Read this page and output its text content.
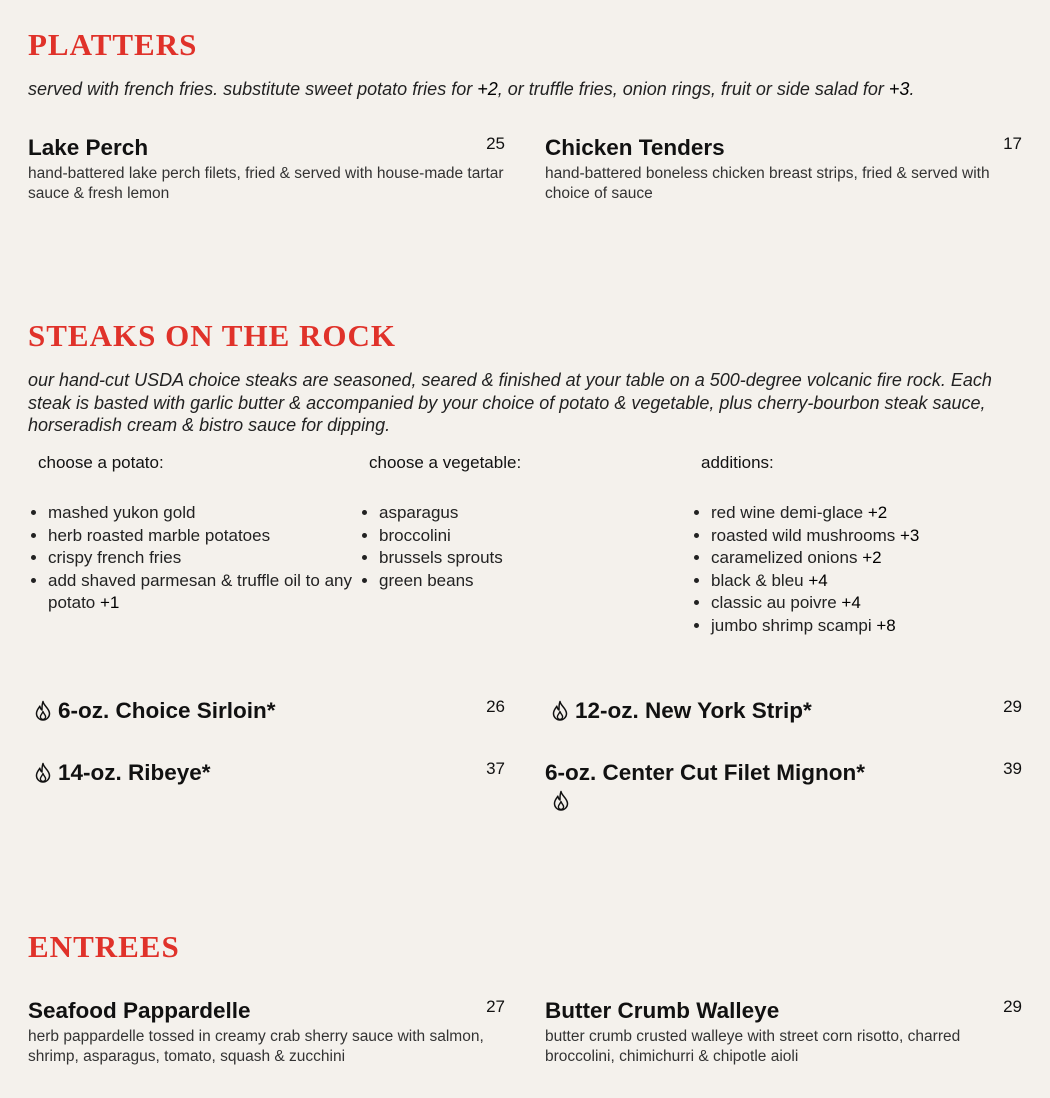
PLATTERS

served with french fries. substitute sweet potato fries for +2, or truffle fries, onion rings, fruit or side salad for +3.

Lake Perch	25

hand-battered lake perch filets, fried & served with house-made tartar sauce & fresh lemon

Chicken Tenders	17

hand-battered boneless chicken breast strips, fried & served with choice of sauce

STEAKS ON THE ROCK

our hand-cut USDA choice steaks are seasoned, seared & finished at your table on a 500-degree volcanic fire rock. Each steak is basted with garlic butter & accompanied by your choice of potato & vegetable, plus cherry-bourbon steak sauce, horseradish cream & bistro sauce for dipping.

choose a potato:

• mashed yukon gold
• herb roasted marble potatoes
• crispy french fries
• add shaved parmesan & truffle oil to any potato +1

choose a vegetable:

• asparagus
• broccolini
• brussels sprouts
• green beans

additions:

• red wine demi-glace +2
• roasted wild mushrooms +3
• caramelized onions +2
• black & bleu +4
• classic au poivre +4
• jumbo shrimp scampi +8
6-oz. Choice Sirloin*	26	12-oz. New York Strip*	29
14-oz. Ribeye*	37 6-oz. Center Cut Filet Mignon*	39
ENTREES
Seafood Pappardelle	27

herb pappardelle tossed in creamy crab sherry sauce with salmon, shrimp, asparagus, tomato, squash & zucchini

Butter Crumb Walleye	29

butter crumb crusted walleye with street corn risotto, charred broccolini, chimichurri & chipotle aioli
